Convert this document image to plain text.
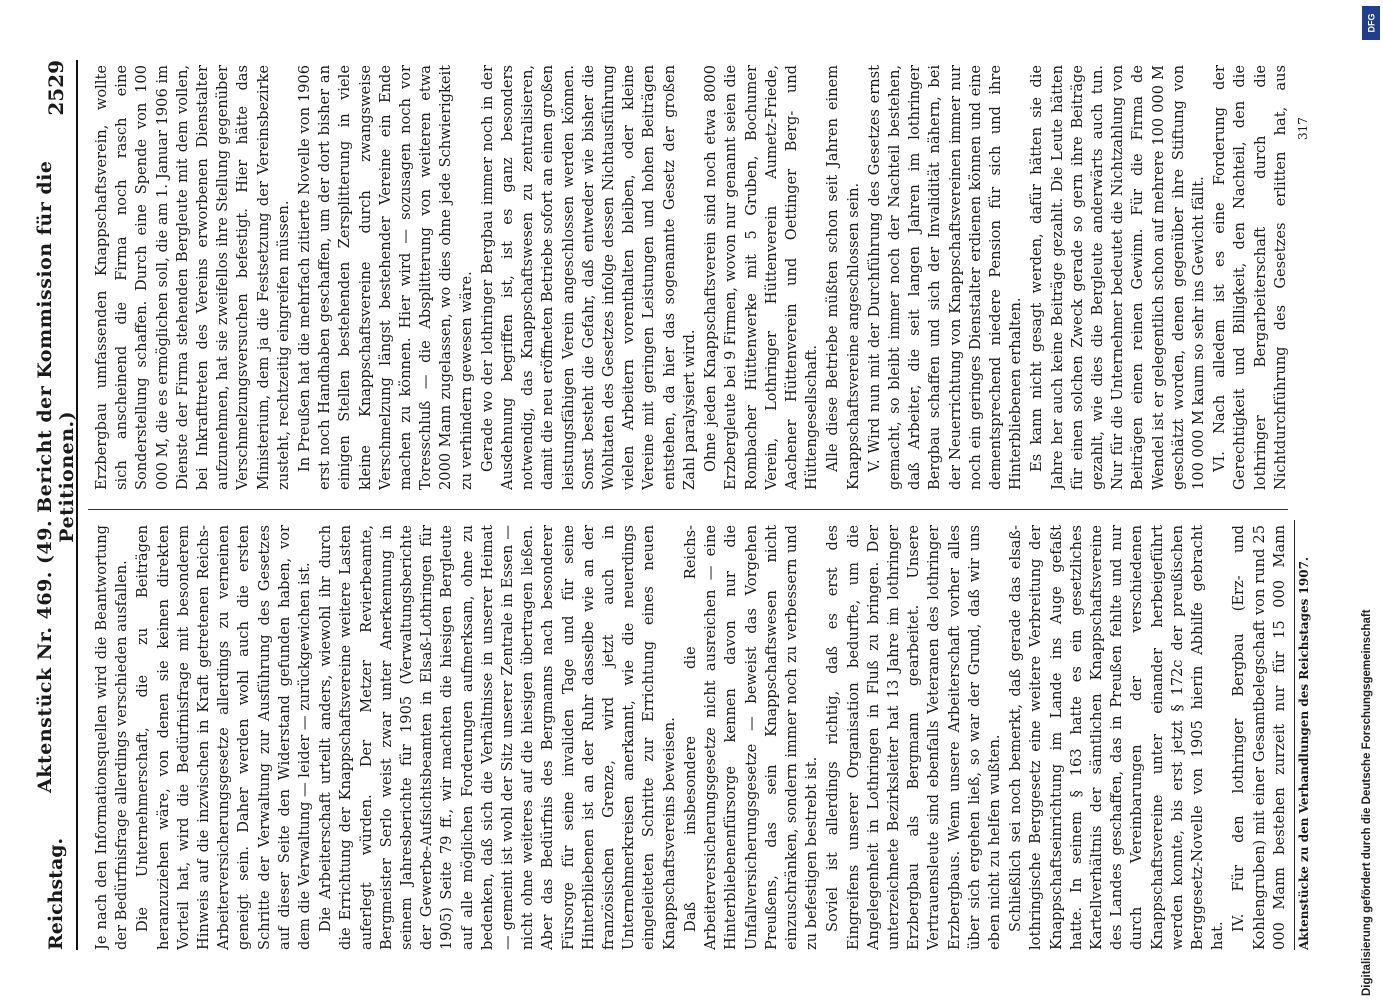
Reichstag.
Aktenstück Nr. 469. (49. Bericht der Kommission für die Petitionen.)
2529

Je nach den Informationsquellen wird die Beantwortung der Bedürfnisfrage allerdings verschieden ausfallen. Die Unternehmerschaft, die zu Beiträgen heranzuziehen wäre, von denen sie keinen direkten Vorteil hat, wird die Bedürfnisfrage mit besonderem Hinweis auf die inzwischen in Kraft getretenen Reichs-Arbeiterversicherungsgesetze allerdings zu verneinen geneigt sein. Daher werden wohl auch die ersten Schritte der Verwaltung zur Ausführung des Gesetzes auf dieser Seite den Widerstand gefunden haben, vor dem die Verwaltung — leider — zurückgewichen ist. Die Arbeiterschaft urteilt anders, wiewohl ihr durch die Errichtung der Knappschaftsvereine weitere Lasten auferlegt würden. Der Metzer Revierbeamte, Bergmeister Serlo weist zwar unter Anerkennung in seinem Jahresberichte für 1905 (Verwaltungsberichte der Gewerbe-Aufsichtsbeamten in Elsaß-Lothringen für 1905) Seite 79 ff., wir machten die hiesigen Bergleute auf alle möglichen Forderungen aufmerksam, ohne zu bedenken, daß sich die Verhältnisse in unserer Heimat — gemeint ist wohl der Sitz unserer Zentrale in Essen — nicht ohne weiteres auf die hiesigen übertragen ließen. Aber das Bedürfnis des Bergmanns nach besonderer Fürsorge für seine invaliden Tage und für seine Hinterbliebenen ist an der Ruhr dasselbe wie an der französischen Grenze, wird jetzt auch in Unternehmerkreisen anerkannt, wie die neuerdings eingeleiteten Schritte zur Errichtung eines neuen Knappschaftsvereins beweisen. Daß insbesondere die Reichs-Arbeiterversicherungsgesetze nicht ausreichen — eine Hinterbliebenenfürsorge kennen davon nur die Unfallversicherungsgesetze — beweist das Vorgehen Preußens, das sein Knappschaftswesen nicht einzuschränken, sondern immer noch zu verbessern und zu befestigen bestrebt ist. Soviel ist allerdings richtig, daß es erst des Eingreifens unserer Organisation bedurfte, um die Angelegenheit in Lothringen in Fluß zu bringen. Der unterzeichnete Bezirksleiter hat 13 Jahre im lothringer Erzbergbau als Bergmann gearbeitet. Unsere Vertrauensleute sind ebenfalls Veteranen des lothringer Erzbergbaus. Wenn unsere Arbeiterschaft vorher alles über sich ergehen ließ, so war der Grund, daß wir uns eben nicht zu helfen wußten. Schließlich sei noch bemerkt, daß gerade das elsaß-lothringische Berggesetz eine weitere Verbreitung der Knappschaftseinrichtung im Lande ins Auge gefaßt hatte. In seinem § 163 hatte es ein gesetzliches Kartellverhältnis der sämtlichen Knappschaftsvereine des Landes geschaffen, das in Preußen fehlte und nur durch Vereinbarungen der verschiedenen Knappschaftsvereine unter einander herbeigeführt werden konnte, bis erst jetzt § 172c der preußischen Berggesetz-Novelle von 1905 hierin Abhilfe gebracht hat. IV. Für den lothringer Bergbau (Erz- und Kohlengruben) mit einer Gesamtbelegschaft von rund 25 000 Mann bestehen zurzeit nur für 15 000 Mann

Erzbergbau umfassenden Knappschaftsverein, wollte sich anscheinend die Firma noch rasch eine Sonderstellung schaffen. Durch eine Spende von 100 000 M, die es ermöglichen soll, die am 1. Januar 1906 im Dienste der Firma stehenden Bergleute mit dem vollen, bei Inkrafttreten des Vereins erworbenen Dienstalter aufzunehmen, hat sie zweifellos ihre Stellung gegenüber Verschmelzungsversuchen befestigt. Hier hätte das Ministerium, dem ja die Festsetzung der Vereinsbezirke zusteht, rechtzeitig eingreifen müssen. In Preußen hat die mehrfach zitierte Novelle von 1906 erst noch Handhaben geschaffen, um der dort bisher an einigen Stellen bestehenden Zersplitterung in viele kleine Knappschaftsvereine durch zwangsweise Verschmelzung längst bestehender Vereine ein Ende machen zu können. Hier wird — sozusagen noch vor Toresschluß — die Absplitterung von weiteren etwa 2000 Mann zugelassen, wo dies ohne jede Schwierigkeit zu verhindern gewesen wäre. Gerade wo der lothringer Bergbau immer noch in der Ausdehnung begriffen ist, ist es ganz besonders notwendig, das Knappschaftswesen zu zentralisieren, damit die neu eröffneten Betriebe sofort an einen großen leistungsfähigen Verein angeschlossen werden können. Sonst besteht die Gefahr, daß entweder wie bisher die Wohltaten des Gesetzes infolge dessen Nichtausführung vielen Arbeitern vorenthalten bleiben, oder kleine Vereine mit geringen Leistungen und hohen Beiträgen entstehen, da hier das sogenannte Gesetz der großen Zahl paralysiert wird. Ohne jeden Knappschaftsverein sind noch etwa 8000 Erzbergleute bei 9 Firmen, wovon nur genannt seien die Rombacher Hüttenwerke mit 5 Gruben, Bochumer Verein, Lothringer Hüttenverein Aumetz-Friede, Aachener Hüttenverein und Oettinger Berg- und Hüttengesellschaft. Alle diese Betriebe müßten schon seit Jahren einem Knappschaftsvereine angeschlossen sein. V. Wird nun mit der Durchführung des Gesetzes ernst gemacht, so bleibt immer noch der Nachteil bestehen, daß Arbeiter, die seit langen Jahren im lothringer Bergbau schaffen und sich der Invalidität nähern, bei der Neuerrichtung von Knappschaftsvereinen immer nur noch ein geringes Dienstalter erdienen können und eine dementsprechend niedere Pension für sich und ihre Hinterbliebenen erhalten. Es kann nicht gesagt werden, dafür hätten sie die Jahre her auch keine Beiträge gezahlt. Die Leute hätten für einen solchen Zweck gerade so gern ihre Beiträge gezahlt, wie dies die Bergleute anderwärts auch tun. Nur für die Unternehmer bedeutet die Nichtzahlung von Beiträgen einen reinen Gewinn. Für die Firma de Wendel ist er gelegentlich schon auf mehrere 100 000 M geschätzt worden, denen gegenüber ihre Stiftung von 100 000 M kaum so sehr ins Gewicht fällt. VI. Nach alledem ist es eine Forderung der Gerechtigkeit und Billigkeit, den Nachteil, den die lothringer Bergarbeiterschaft durch die Nichtdurchführung des Gesetzes erlitten hat, aus

Aktenstücke zu den Verhandlungen des Reichstages 1907.
317
Digitalisierung gefördert durch die Deutsche Forschungsgemeinschaft
DFG
